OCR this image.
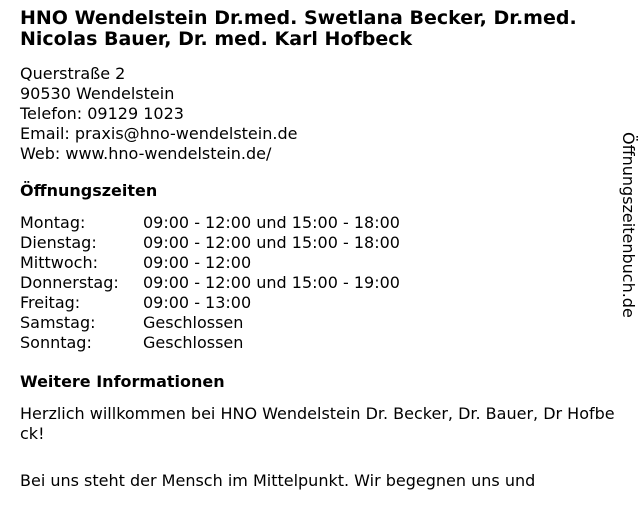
HNO Wendelstein Dr.med. Swetlana Becker, Dr.med.
Nicolas Bauer, Dr. med. Karl Hofbeck
Querstraße 2
90530 Wendelstein
Telefon: 09129 1023
Email: praxis@hno-wendelstein.de
Web: www.hno-wendelstein.de/
Öffnungszeiten
Montag:	09:00 - 12:00 und 15:00 - 18:00
Dienstag:	09:00 - 12:00 und 15:00 - 18:00
Mittwoch:	09:00 - 12:00
Donnerstag:	09:00 - 12:00 und 15:00 - 19:00
Freitag:	09:00 - 13:00
Samstag:	Geschlossen
Sonntag:	Geschlossen
Weitere Informationen

Herzlich willkommen bei HNO Wendelstein Dr. Becker, Dr. Bauer, Dr Hofbeck!

Bei uns steht der Mensch im Mittelpunkt. Wir begegnen uns und

Öffnungszeitenbuch.de
